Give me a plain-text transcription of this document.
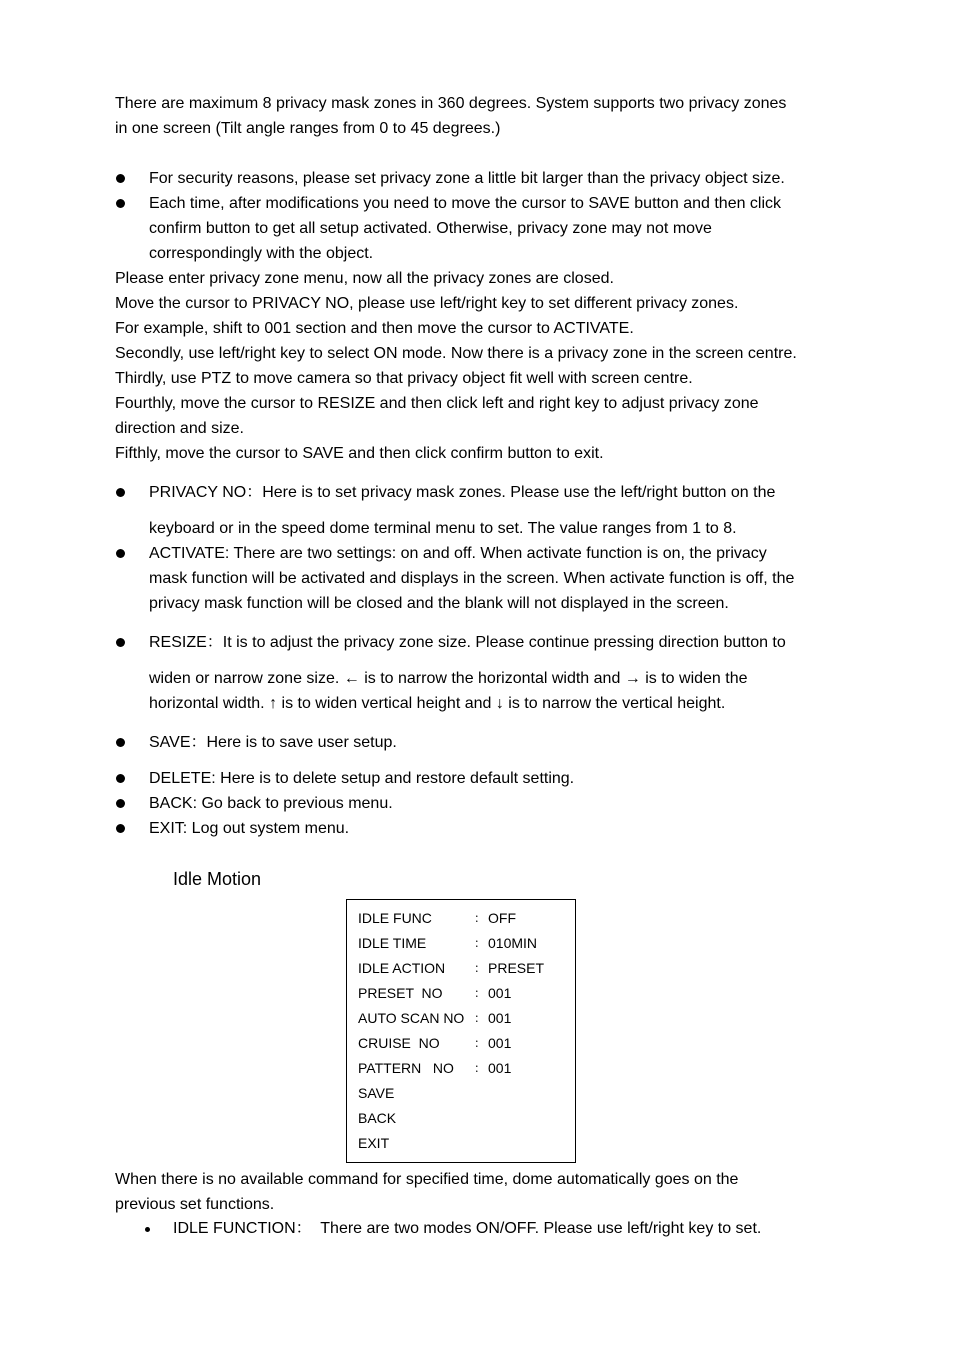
There are maximum 8 privacy mask zones in 360 degrees. System supports two privacy zones
in one screen (Tilt angle ranges from 0 to 45 degrees.)
For security reasons, please set privacy zone a little bit larger than the privacy object size.
Each time, after modifications you need to move the cursor to SAVE button and then click
confirm button to get all setup activated. Otherwise, privacy zone may not move
correspondingly with the object.
Please enter privacy zone menu, now all the privacy zones are closed.
Move the cursor to PRIVACY NO, please use left/right key to set different privacy zones.
For example, shift to 001 section and then move the cursor to ACTIVATE.
Secondly, use left/right key to select ON mode. Now there is a privacy zone in the screen centre.
Thirdly, use PTZ to move camera so that privacy object fit well with screen centre.
Fourthly, move the cursor to RESIZE and then click left and right key to adjust privacy zone
direction and size.
Fifthly, move the cursor to SAVE and then click confirm button to exit.
PRIVACY NO：Here is to set privacy mask zones. Please use the left/right button on the
keyboard or in the speed dome terminal menu to set. The value ranges from 1 to 8.
ACTIVATE: There are two settings: on and off. When activate function is on, the privacy
mask function will be activated and displays in the screen. When activate function is off, the
privacy mask function will be closed and the blank will not displayed in the screen.
RESIZE：It is to adjust the privacy zone size. Please continue pressing direction button to
widen or narrow zone size. ← is to narrow the horizontal width and → is to widen the
horizontal width. ↑ is to widen vertical height and ↓ is to narrow the vertical height.
SAVE：Here is to save user setup.
DELETE: Here is to delete setup and restore default setting.
BACK: Go back to previous menu.
EXIT: Log out system menu.
Idle Motion
IDLE FUNC	： OFF
IDLE TIME	： 010MIN
IDLE ACTION ： PRESET
PRESET  NO	： 001
AUTO SCAN NO ： 001
CRUISE  NO	： 001
PATTERN   NO ： 001
SAVE
BACK
EXIT
When there is no available command for specified time, dome automatically goes on the
previous set functions.
IDLE FUNCTION：  There are two modes ON/OFF. Please use left/right key to set.
